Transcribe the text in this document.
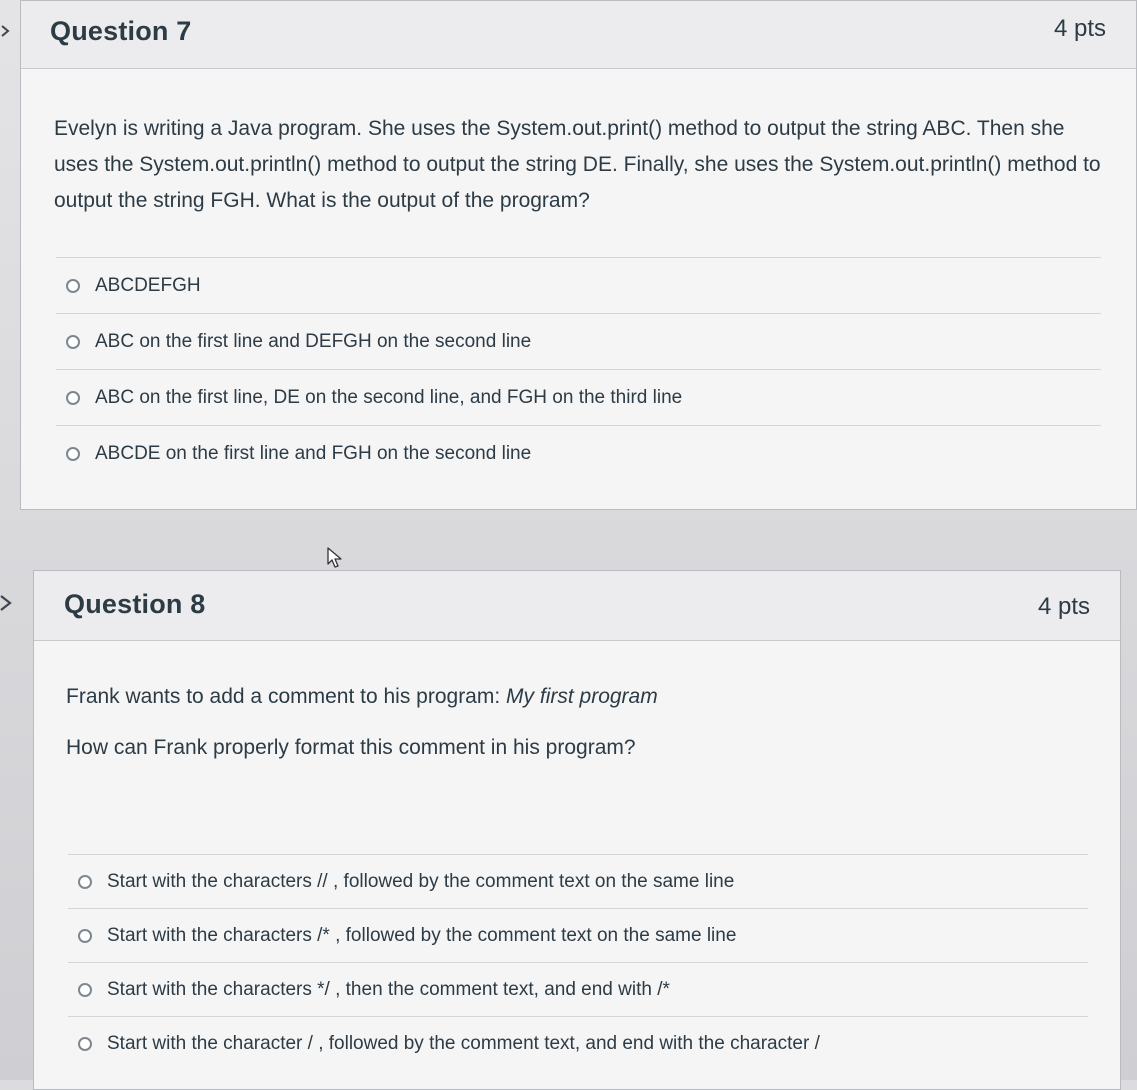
Question 7	4 pts
Evelyn is writing a Java program. She uses the System.out.print() method to output the string ABC. Then she uses the System.out.println() method to output the string DE. Finally, she uses the System.out.println() method to output the string FGH. What is the output of the program?
ABCDEFGH
ABC on the first line and DEFGH on the second line
ABC on the first line, DE on the second line, and FGH on the third line
ABCDE on the first line and FGH on the second line
Question 8	4 pts
Frank wants to add a comment to his program: My first program
How can Frank properly format this comment in his program?
Start with the characters // , followed by the comment text on the same line
Start with the characters /* , followed by the comment text on the same line
Start with the characters */ , then the comment text, and end with /*
Start with the character / , followed by the comment text, and end with the character /
